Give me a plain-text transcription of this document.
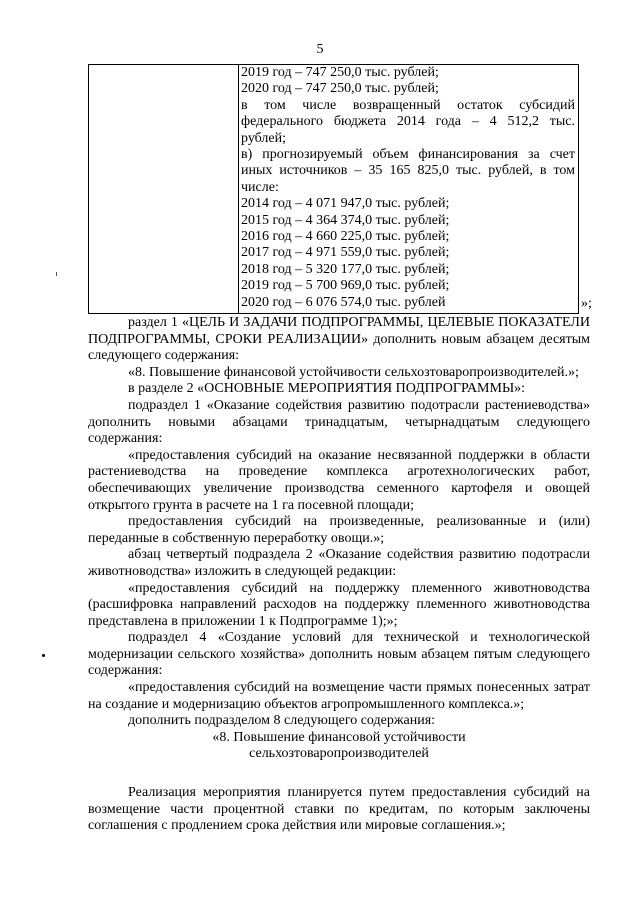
5
2019 год – 747 250,0 тыс. рублей;
2020 год – 747 250,0 тыс. рублей;
в том числе возвращенный остаток субсидий
федерального бюджета 2014 года – 4 512,2 тыс.
рублей;
в) прогнозируемый объем финансирования за счет
иных источников – 35 165 825,0 тыс. рублей, в том
числе:
2014 год – 4 071 947,0 тыс. рублей;
2015 год – 4 364 374,0 тыс. рублей;
2016 год – 4 660 225,0 тыс. рублей;
2017 год – 4 971 559,0 тыс. рублей;
2018 год – 5 320 177,0 тыс. рублей;
2019 год – 5 700 969,0 тыс. рублей;
2020 год – 6 076 574,0 тыс. рублей	»;

раздел 1 «ЦЕЛЬ И ЗАДАЧИ ПОДПРОГРАММЫ, ЦЕЛЕВЫЕ ПОКАЗАТЕЛИ ПОДПРОГРАММЫ, СРОКИ РЕАЛИЗАЦИИ» дополнить новым абзацем десятым следующего содержания:

«8. Повышение финансовой устойчивости сельхозтоваропроизводителей.»;

в разделе 2 «ОСНОВНЫЕ МЕРОПРИЯТИЯ ПОДПРОГРАММЫ»:

подраздел 1 «Оказание содействия развитию подотрасли растениеводства» дополнить новыми абзацами тринадцатым, четырнадцатым следующего содержания:

«предоставления субсидий на оказание несвязанной поддержки в области растениеводства на проведение комплекса агротехнологических работ, обеспечивающих увеличение производства семенного картофеля и овощей открытого грунта в расчете на 1 га посевной площади;

предоставления субсидий на произведенные, реализованные и (или) переданные в собственную переработку овощи.»;

абзац четвертый подраздела 2 «Оказание содействия развитию подотрасли животноводства» изложить в следующей редакции:

«предоставления субсидий на поддержку племенного животноводства (расшифровка направлений расходов на поддержку племенного животноводства представлена в приложении 1 к Подпрограмме 1);»;

подраздел 4 «Создание условий для технической и технологической модернизации сельского хозяйства» дополнить новым абзацем пятым следующего содержания:

«предоставления субсидий на возмещение части прямых понесенных затрат на создание и модернизацию объектов агропромышленного комплекса.»;

дополнить подразделом 8 следующего содержания:

«8. Повышение финансовой устойчивости

сельхозтоваропроизводителей

Реализация мероприятия планируется путем предоставления субсидий на возмещение части процентной ставки по кредитам, по которым заключены соглашения с продлением срока действия или мировые соглашения.»;
